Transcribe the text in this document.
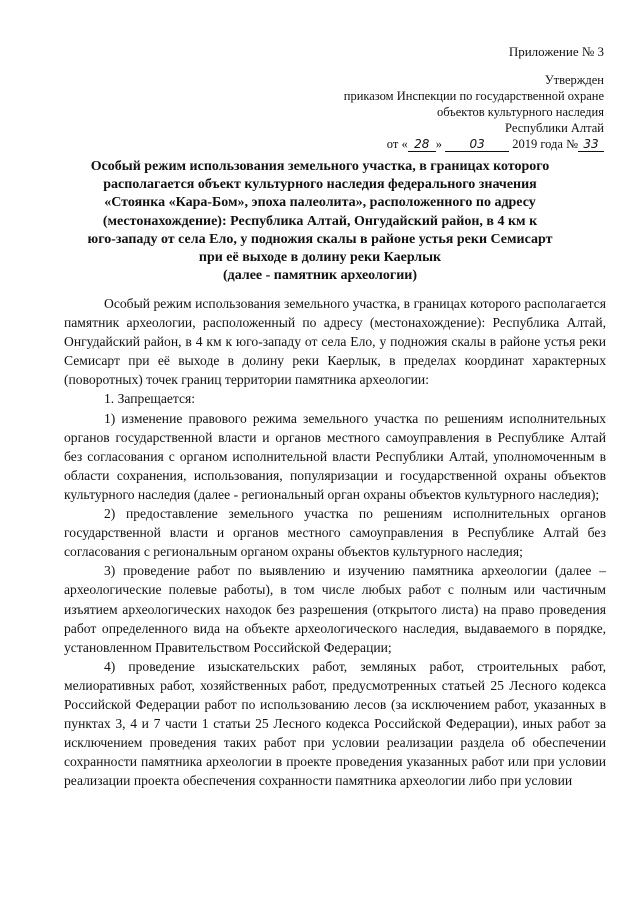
Приложение № 3
Утвержден
приказом Инспекции по государственной охране
объектов культурного наследия
Республики Алтай
от « 28 » 03 2019 года № 33
Особый режим использования земельного участка, в границах которого
располагается объект культурного наследия федерального значения
«Стоянка «Кара-Бом», эпоха палеолита», расположенного по адресу
(местонахождение): Республика Алтай, Онгудайский район, в 4 км к
юго-западу от села Ело, у подножия скалы в районе устья реки Семисарт
при её выходе в долину реки Каерлык
(далее - памятник археологии)

Особый режим использования земельного участка, в границах которого располагается памятник археологии, расположенный по адресу (местонахождение): Республика Алтай, Онгудайский район, в 4 км к юго-западу от села Ело, у подножия скалы в районе устья реки Семисарт при её выходе в долину реки Каерлык, в пределах координат характерных (поворотных) точек границ территории памятника археологии:

1. Запрещается:

1) изменение правового режима земельного участка по решениям исполнительных органов государственной власти и органов местного самоуправления в Республике Алтай без согласования с органом исполнительной власти Республики Алтай, уполномоченным в области сохранения, использования, популяризации и государственной охраны объектов культурного наследия (далее - региональный орган охраны объектов культурного наследия);

2) предоставление земельного участка по решениям исполнительных органов государственной власти и органов местного самоуправления в Республике Алтай без согласования с региональным органом охраны объектов культурного наследия;

3) проведение работ по выявлению и изучению памятника археологии (далее – археологические полевые работы), в том числе любых работ с полным или частичным изъятием археологических находок без разрешения (открытого листа) на право проведения работ определенного вида на объекте археологического наследия, выдаваемого в порядке, установленном Правительством Российской Федерации;

4) проведение изыскательских работ, земляных работ, строительных работ, мелиоративных работ, хозяйственных работ, предусмотренных статьей 25 Лесного кодекса Российской Федерации работ по использованию лесов (за исключением работ, указанных в пунктах 3, 4 и 7 части 1 статьи 25 Лесного кодекса Российской Федерации), иных работ за исключением проведения таких работ при условии реализации раздела об обеспечении сохранности памятника археологии в проекте проведения указанных работ или при условии реализации проекта обеспечения сохранности памятника археологии либо при условии
